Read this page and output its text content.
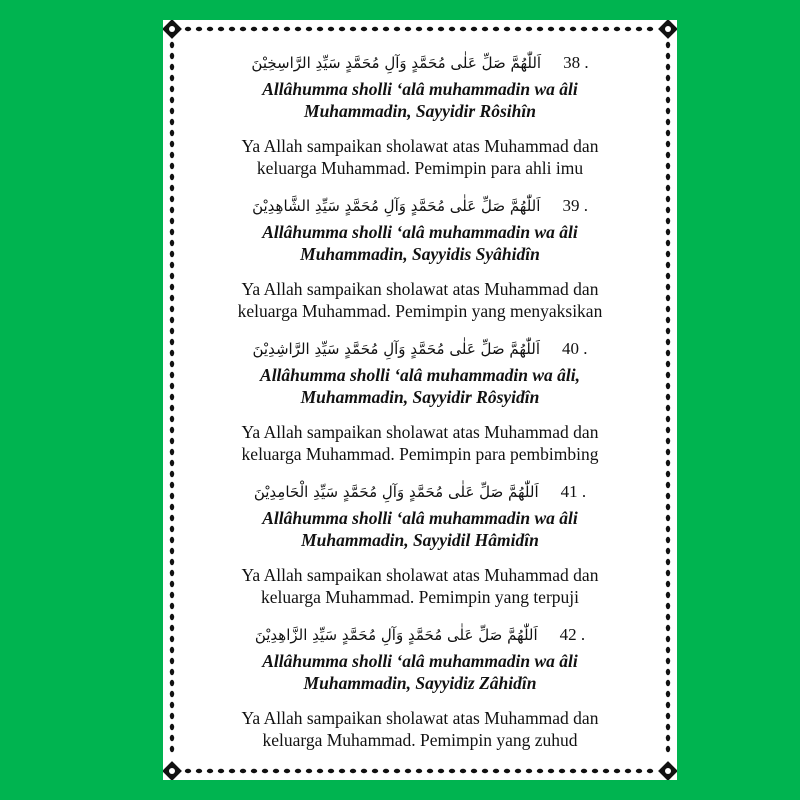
اَللّٰهُمَّ صَلِّ عَلٰى مُحَمَّدٍ وَآلِ مُحَمَّدٍ سَيِّدِ الرَّاسِخِيْنَ 38 .
Allâhumma sholli ‘alâ muhammadin wa âli
Muhammadin, Sayyidir Rôsihîn
Ya Allah sampaikan sholawat atas Muhammad dan
keluarga Muhammad. Pemimpin para ahli imu
اَللّٰهُمَّ صَلِّ عَلٰى مُحَمَّدٍ وَآلِ مُحَمَّدٍ سَيِّدِ الشَّاهِدِيْنَ 39 .
Allâhumma sholli ‘alâ muhammadin wa âli
Muhammadin, Sayyidis Syâhidîn
Ya Allah sampaikan sholawat atas Muhammad dan
keluarga Muhammad. Pemimpin yang menyaksikan
اَللّٰهُمَّ صَلِّ عَلٰى مُحَمَّدٍ وَآلِ مُحَمَّدٍ سَيِّدِ الرَّاشِدِيْنَ 40 .
Allâhumma sholli ‘alâ muhammadin wa âli,
Muhammadin, Sayyidir Rôsyidîn
Ya Allah sampaikan sholawat atas Muhammad dan
keluarga Muhammad. Pemimpin para pembimbing
اَللّٰهُمَّ صَلِّ عَلٰى مُحَمَّدٍ وَآلِ مُحَمَّدٍ سَيِّدِ الْحَامِدِيْنَ 41 .
Allâhumma sholli ‘alâ muhammadin wa âli
Muhammadin, Sayyidil Hâmidîn
Ya Allah sampaikan sholawat atas Muhammad dan
keluarga Muhammad. Pemimpin yang terpuji
اَللّٰهُمَّ صَلِّ عَلٰى مُحَمَّدٍ وَآلِ مُحَمَّدٍ سَيِّدِ الزَّاهِدِيْنَ 42 .
Allâhumma sholli ‘alâ muhammadin wa âli
Muhammadin, Sayyidiz Zâhidîn
Ya Allah sampaikan sholawat atas Muhammad dan
keluarga Muhammad. Pemimpin yang zuhud
